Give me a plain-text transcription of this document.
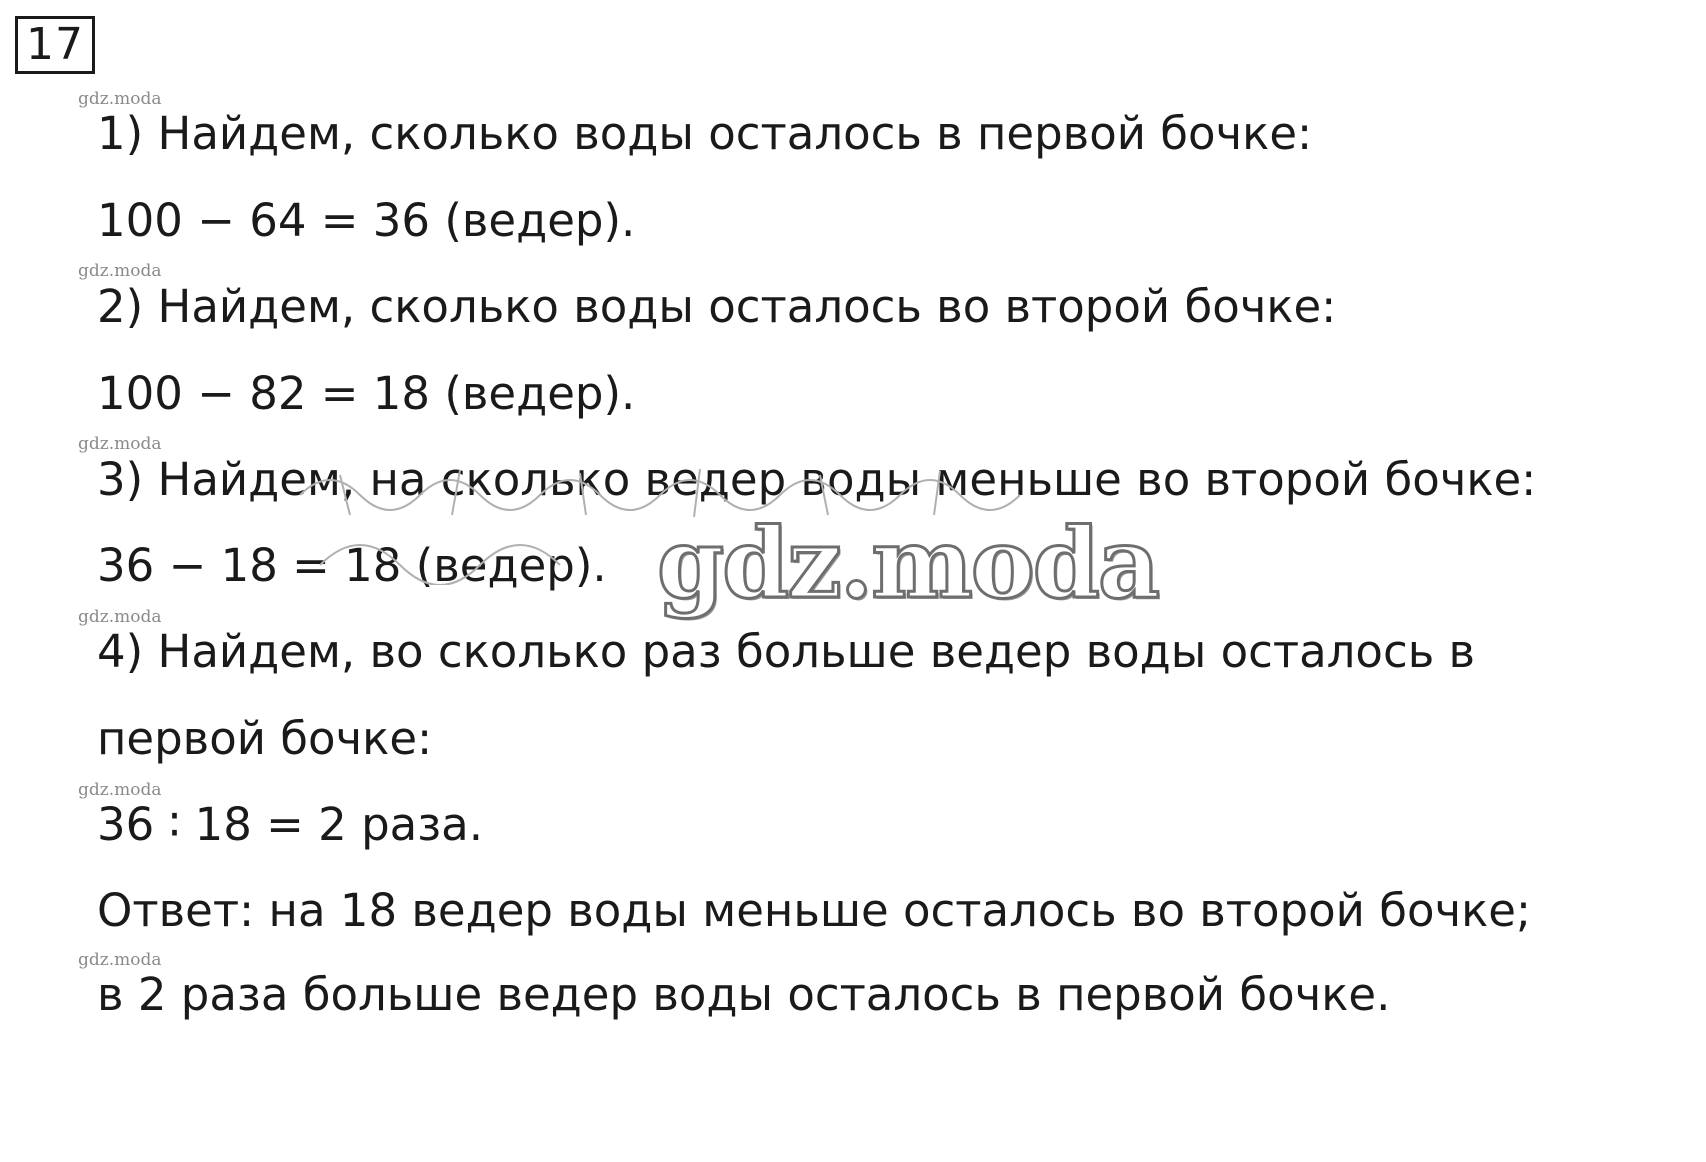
17
gdz.moda
1) Найдем, сколько воды осталось в первой бочке:
100 − 64 = 36 (ведер).
gdz.moda
2) Найдем, сколько воды осталось во второй бочке:
100 − 82 = 18 (ведер).
gdz.moda
3) Найдем, на сколько ведер воды меньше во второй бочке:
36 − 18 = 18 (ведер). gdz.moda
gdz.moda
4) Найдем, во сколько раз больше ведер воды осталось в
первой бочке:
gdz.moda
36 ∶ 18 = 2 раза.
Ответ: на 18 ведер воды меньше осталось во второй бочке;
gdz.moda
в 2 раза больше ведер воды осталось в первой бочке.
